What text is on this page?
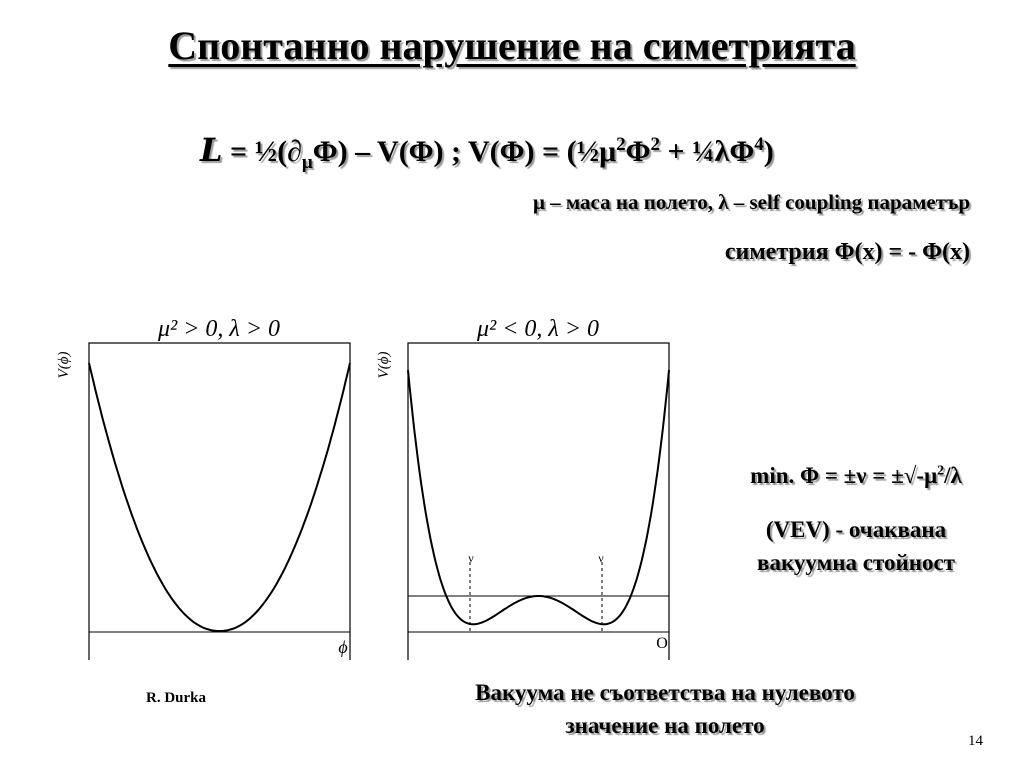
Спонтанно нарушение на симетрията
$L = \frac{1}{2}(\partial_\mu\Phi) - V(\Phi)$ ; $V(\Phi) = (\frac{1}{2}\mu^2\Phi^2$ + $\frac{1}{4}\lambda\Phi^4$)
μ – маса на полето, λ – self coupling параметър
симетрия Φ(x) = - Φ(x)
μ² > 0, λ > 0
V(ϕ)
ϕ
μ² < 0, λ > 0
V(ϕ)
O
ν	ν
min. $\Phi = \pm\nu = \pm√-\mu^2/\lambda$
(VEV) - очаквана
вакуумна стойност
R. Durka	Вакуума не съответства на нулевото
значение на полето
14
